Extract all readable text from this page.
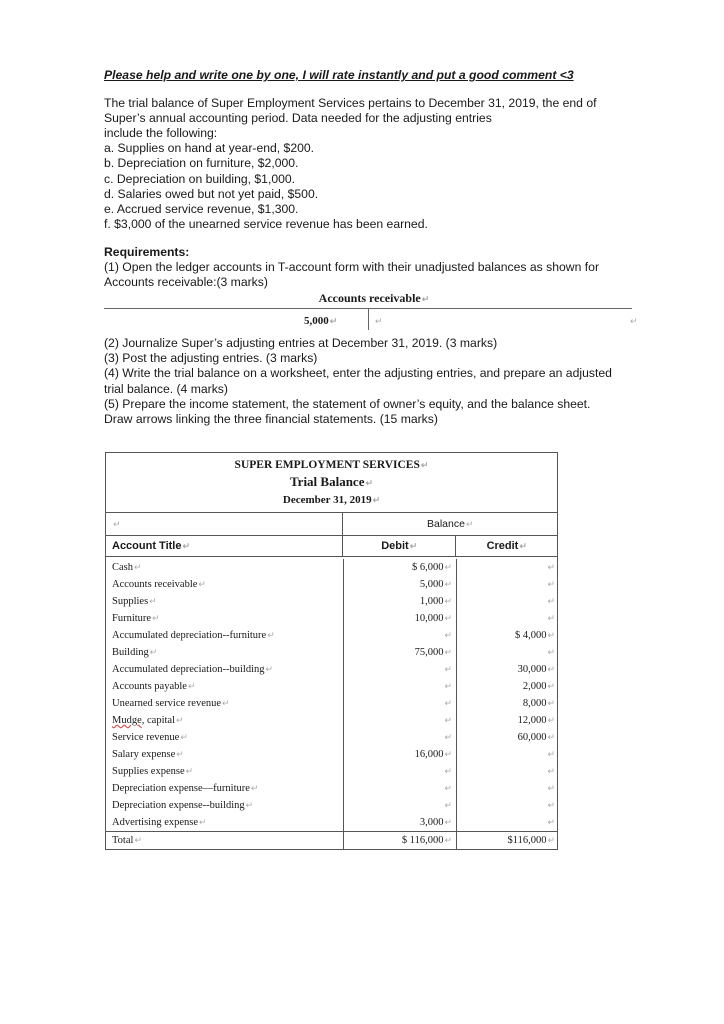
Please help and write one by one, I will rate instantly and put a good comment <3

The trial balance of Super Employment Services pertains to December 31, 2019, the end of

Super’s annual accounting period. Data needed for the adjusting entries

include the following:

a. Supplies on hand at year-end, $200.

b. Depreciation on furniture, $2,000.

c. Depreciation on building, $1,000.

d. Salaries owed but not yet paid, $500.

e. Accrued service revenue, $1,300.

f. $3,000 of the unearned service revenue has been earned.

Requirements:

(1) Open the ledger accounts in T-account form with their unadjusted balances as shown for

Accounts receivable:(3 marks)

Accounts receivable↵
5,000↵	↵	↵

(2) Journalize Super’s adjusting entries at December 31, 2019. (3 marks)

(3) Post the adjusting entries. (3 marks)

(4) Write the trial balance on a worksheet, enter the adjusting entries, and prepare an adjusted

trial balance. (4 marks)

(5) Prepare the income statement, the statement of owner’s equity, and the balance sheet.

Draw arrows linking the three financial statements. (15 marks)

SUPER EMPLOYMENT SERVICES↵
Trial Balance↵
December 31, 2019↵
↵	Balance↵
Account Title↵	Debit↵	Credit↵
Cash↵	$ 6,000↵	↵
Accounts receivable↵	5,000↵	↵
Supplies↵	1,000↵	↵
Furniture↵	10,000↵	↵
Accumulated depreciation--furniture↵	↵	$ 4,000↵
Building↵	75,000↵	↵
Accumulated depreciation--building↵	↵	30,000↵
Accounts payable↵	↵	2,000↵
Unearned service revenue↵	↵	8,000↵
Mudge, capital↵	↵	12,000↵
Service revenue↵	↵	60,000↵
Salary expense↵	16,000↵	↵
Supplies expense↵	↵	↵
Depreciation expense—furniture↵	↵	↵
Depreciation expense--building↵	↵	↵
Advertising expense↵	3,000↵	↵
Total↵	$ 116,000↵	$116,000↵
